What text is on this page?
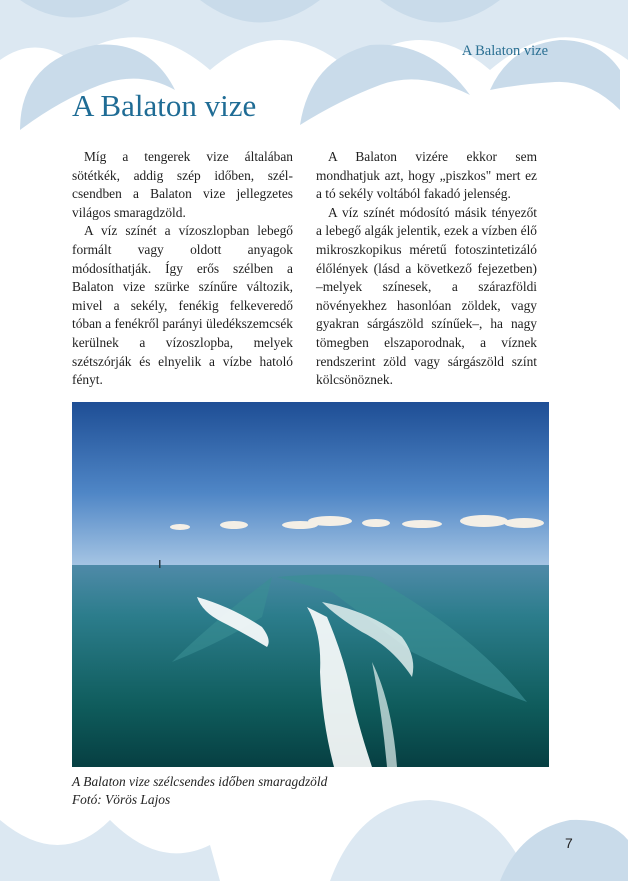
A Balaton vize
A Balaton vize

Míg a tengerek vize általában sötétkék, addig szép időben, szél-csendben a Balaton vize jellegzetes világos smaragdzöld.

A víz színét a vízoszlopban lebegő formált vagy oldott anyagok módosíthatják. Így erős szélben a Balaton vize szürke színűre változik, mivel a sekély, fenékig felkeveredő tóban a fenékről parányi üledékszemcsék kerülnek a vízoszlopba, melyek szétszórják és elnyelik a vízbe hatoló fényt.

A Balaton vizére ekkor sem mondhatjuk azt, hogy „piszkos" mert ez a tó sekély voltából fakadó jelenség.

A víz színét módosító másik tényezőt a lebegő algák jelentik, ezek a vízben élő mikroszkopikus méretű fotoszintetizáló élőlények (lásd a következő fejezetben) –melyek színesek, a szárazföldi növényekhez hasonlóan zöldek, vagy gyakran sárgászöld színűek–, ha nagy tömegben elszaporodnak, a víznek rendszerint zöld vagy sárgászöld színt kölcsönöznek.

A Balaton vize szélcsendes időben smaragdzöld
Fotó: Vörös Lajos
7
